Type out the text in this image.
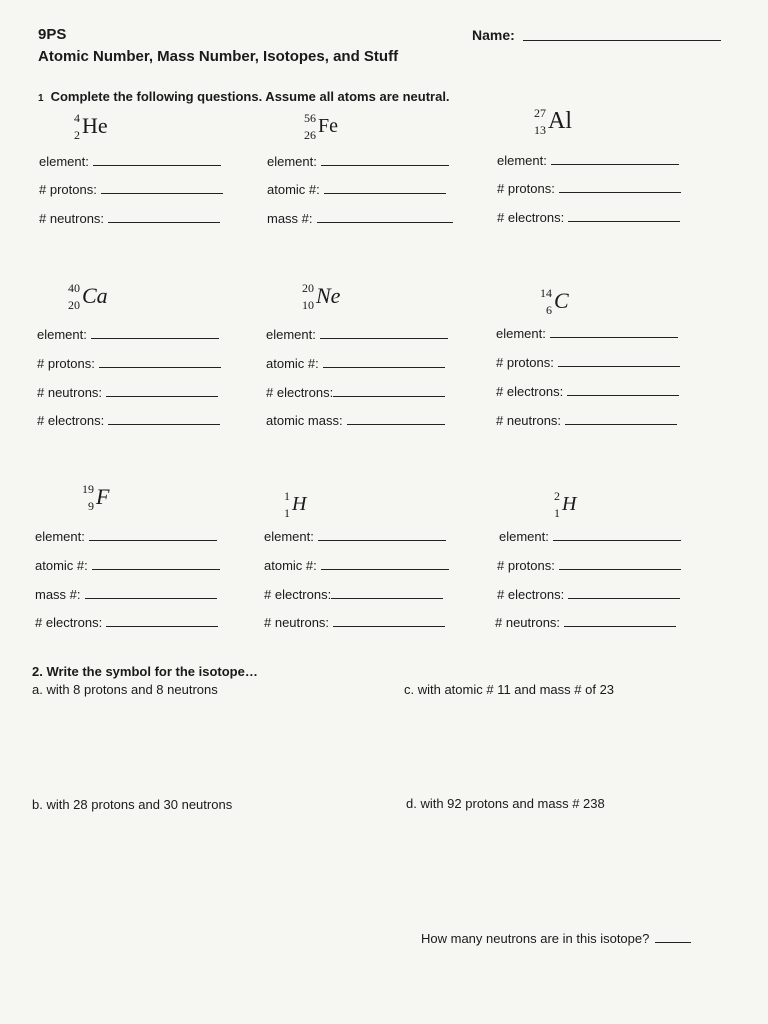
9PS
Atomic Number, Mass Number, Isotopes, and Stuff
Name:
1 Complete the following questions. Assume all atoms are neutral.
4
2 He
element:
# protons:
# neutrons:
56
26 Fe
element:
atomic #:
mass #:
27
13 Al
element:
# protons:
# electrons:
40
20 Ca
element:
# protons:
# neutrons:
# electrons:
20
10 Ne
element:
atomic #:
# electrons:
atomic mass:
14
6 C
element:
# protons:
# electrons:
# neutrons:
19
9 F
element:
atomic #:
mass #:
# electrons:
1
1 H
element:
atomic #:
# electrons:
# neutrons:
2
1 H
element:
# protons:
# electrons:
# neutrons:
2. Write the symbol for the isotope…
a. with 8 protons and 8 neutrons	c. with atomic # 11 and mass # of 23
b. with 28 protons and 30 neutrons	d. with 92 protons and mass # 238
How many neutrons are in this isotope?
